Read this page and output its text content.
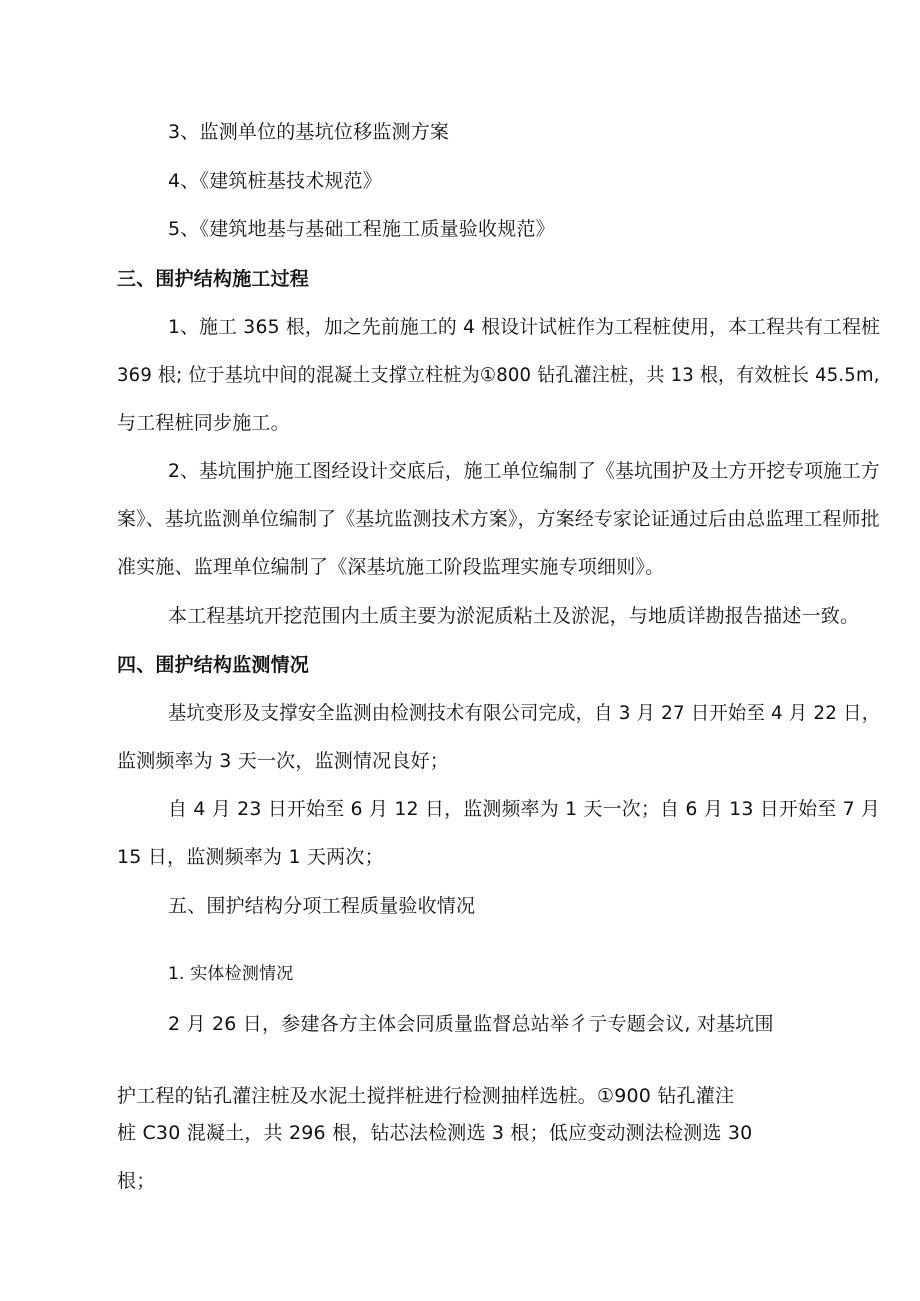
3、监测单位的基坑位移监测方案
4、《建筑桩基技术规范》
5、《建筑地基与基础工程施工质量验收规范》
三、围护结构施工过程
1、施工 365 根，加之先前施工的 4 根设计试桩作为工程桩使用，本工程共有工程桩
369 根; 位于基坑中间的混凝土支撑立柱桩为①800 钻孔灌注桩，共 13 根，有效桩长 45.5m,
与工程桩同步施工。
2、基坑围护施工图经设计交底后，施工单位编制了《基坑围护及土方开挖专项施工方
案》、基坑监测单位编制了《基坑监测技术方案》，方案经专家论证通过后由总监理工程师批
准实施、监理单位编制了《深基坑施工阶段监理实施专项细则》。
本工程基坑开挖范围内土质主要为淤泥质粘土及淤泥，与地质详勘报告描述一致。
四、围护结构监测情况
基坑变形及支撑安全监测由检测技术有限公司完成，自 3 月 27 日开始至 4 月 22 日，
监测频率为 3 天一次，监测情况良好；
自 4 月 23 日开始至 6 月 12 日，监测频率为 1 天一次；自 6 月 13 日开始至 7 月
15 日，监测频率为 1 天两次；
五、围护结构分项工程质量验收情况
1. 实体检测情况
2 月 26 日，参建各方主体会同质量监督总站举彳亍专题会议, 对基坑围
护工程的钻孔灌注桩及水泥土搅拌桩进行检测抽样选桩。①900 钻孔灌注
桩 C30 混凝土，共 296 根，钻芯法检测选 3 根；低应变动测法检测选 30
根；
